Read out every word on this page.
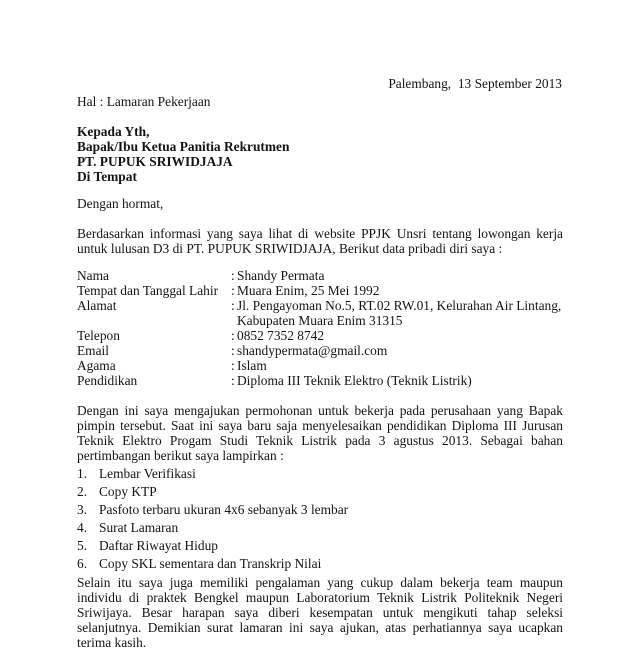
Palembang,  13 September 2013
Hal : Lamaran Pekerjaan
Kepada Yth,
Bapak/Ibu Ketua Panitia Rekrutmen
PT. PUPUK SRIWIDJAJA
Di Tempat
Dengan hormat,
Berdasarkan informasi yang saya lihat di website PPJK Unsri tentang lowongan kerja untuk lulusan D3 di PT. PUPUK SRIWIDJAJA, Berikut data pribadi diri saya :
Nama	: Shandy Permata
Tempat dan Tanggal Lahir : Muara Enim, 25 Mei 1992
Alamat	: Jl. Pengayoman No.5, RT.02 RW.01, Kelurahan Air Lintang,
Kabupaten Muara Enim 31315
Telepon	: 0852 7352 8742
Email	: shandypermata@gmail.com
Agama	: Islam
Pendidikan	: Diploma III Teknik Elektro (Teknik Listrik)
Dengan ini saya mengajukan permohonan untuk bekerja pada perusahaan yang Bapak pimpin tersebut. Saat ini saya baru saja menyelesaikan pendidikan Diploma III Jurusan Teknik Elektro Progam Studi Teknik Listrik pada 3 agustus 2013. Sebagai bahan pertimbangan berikut saya lampirkan :
1. Lembar Verifikasi
2. Copy KTP
3. Pasfoto terbaru ukuran 4x6 sebanyak 3 lembar
4. Surat Lamaran
5. Daftar Riwayat Hidup
6. Copy SKL sementara dan Transkrip Nilai
Selain itu saya juga memiliki pengalaman yang cukup dalam bekerja team maupun individu di praktek Bengkel maupun Laboratorium Teknik Listrik Politeknik Negeri Sriwijaya. Besar harapan saya diberi kesempatan untuk mengikuti tahap seleksi selanjutnya. Demikian surat lamaran ini saya ajukan, atas perhatiannya saya ucapkan terima kasih.
